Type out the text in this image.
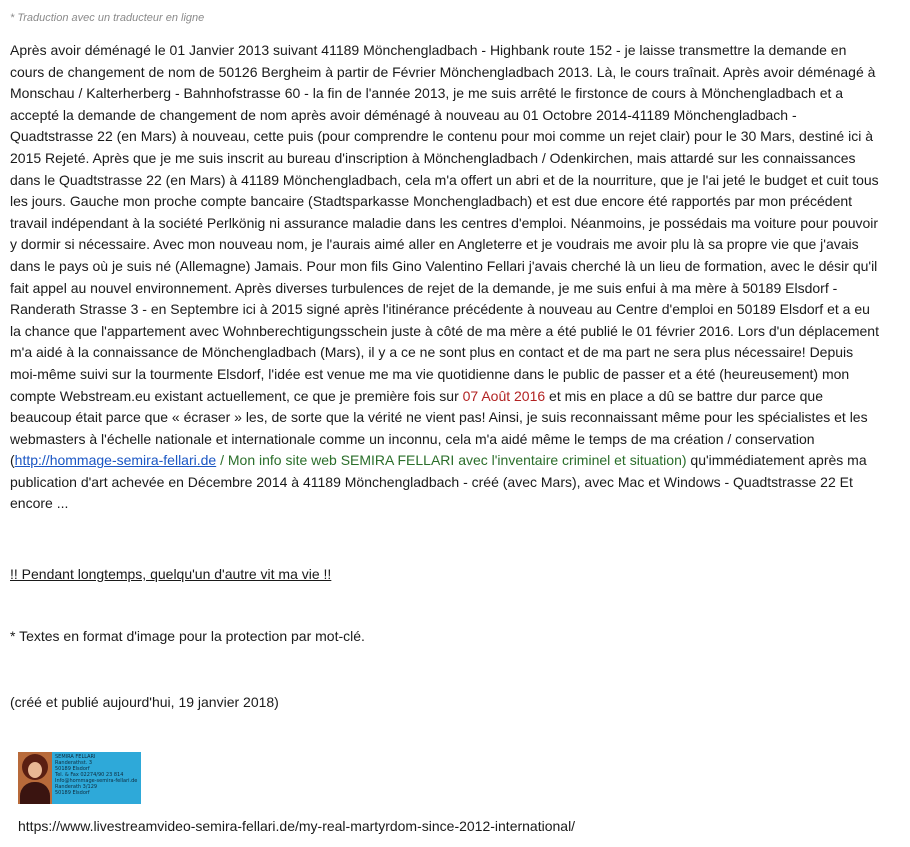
* Traduction avec un traducteur en ligne

Après avoir déménagé le 01 Janvier 2013 suivant 41189 Mönchengladbach - Highbank route 152 - je laisse transmettre la demande en cours de changement de nom de 50126 Bergheim à partir de Février Mönchengladbach 2013. Là, le cours traînait. Après avoir déménagé à Monschau / Kalterherberg - Bahnhofstrasse 60 - la fin de l'année 2013, je me suis arrêté le firstonce de cours à Mönchengladbach et a accepté la demande de changement de nom après avoir déménagé à nouveau au 01 Octobre 2014-41189 Mönchengladbach - Quadtstrasse 22 (en Mars) à nouveau, cette puis (pour comprendre le contenu pour moi comme un rejet clair) pour le 30 Mars, destiné ici à 2015 Rejeté. Après que je me suis inscrit au bureau d'inscription à Mönchengladbach / Odenkirchen, mais attardé sur les connaissances dans le Quadtstrasse 22 (en Mars) à 41189 Mönchengladbach, cela m'a offert un abri et de la nourriture, que je l'ai jeté le budget et cuit tous les jours. Gauche mon proche compte bancaire (Stadtsparkasse Monchengladbach) et est due encore été rapportés par mon précédent travail indépendant à la société Perlkönig ni assurance maladie dans les centres d'emploi. Néanmoins, je possédais ma voiture pour pouvoir y dormir si nécessaire. Avec mon nouveau nom, je l'aurais aimé aller en Angleterre et je voudrais me avoir plu là sa propre vie que j'avais dans le pays où je suis né (Allemagne) Jamais. Pour mon fils Gino Valentino Fellari j'avais cherché là un lieu de formation, avec le désir qu'il fait appel au nouvel environnement. Après diverses turbulences de rejet de la demande, je me suis enfui à ma mère à 50189 Elsdorf - Randerath Strasse 3 - en Septembre ici à 2015 signé après l'itinérance précédente à nouveau au Centre d'emploi en 50189 Elsdorf et a eu la chance que l'appartement avec Wohnberechtigungsschein juste à côté de ma mère a été publié le 01 février 2016. Lors d'un déplacement m'a aidé à la connaissance de Mönchengladbach (Mars), il y a ce ne sont plus en contact et de ma part ne sera plus nécessaire! Depuis moi-même suivi sur la tourmente Elsdorf, l'idée est venue me ma vie quotidienne dans le public de passer et a été (heureusement) mon compte Webstream.eu existant actuellement, ce que je première fois sur 07 Août 2016 et mis en place a dû se battre dur parce que beaucoup était parce que « écraser » les, de sorte que la vérité ne vient pas! Ainsi, je suis reconnaissant même pour les spécialistes et les webmasters à l'échelle nationale et internationale comme un inconnu, cela m'a aidé même le temps de ma création / conservation (http://hommage-semira-fellari.de / Mon info site web SEMIRA FELLARI avec l'inventaire criminel et situation) qu'immédiatement après ma publication d'art achevée en Décembre 2014 à 41189 Mönchengladbach - créé (avec Mars), avec Mac et Windows - Quadtstrasse 22 Et encore ...

!! Pendant longtemps, quelqu'un d'autre vit ma vie !!
* Textes en format d'image pour la protection par mot-clé.
(créé et publié aujourd'hui, 19 janvier 2018)
SEMIRA FELLARI
Randerathst. 3
50189 Elsdorf
Tel. & Fax 02274/90 23 814
Info@hommage-semira-fellari.de
Randerath 3/129
50189 Elsdorf
https://www.livestreamvideo-semira-fellari.de/my-real-martyrdom-since-2012-international/
